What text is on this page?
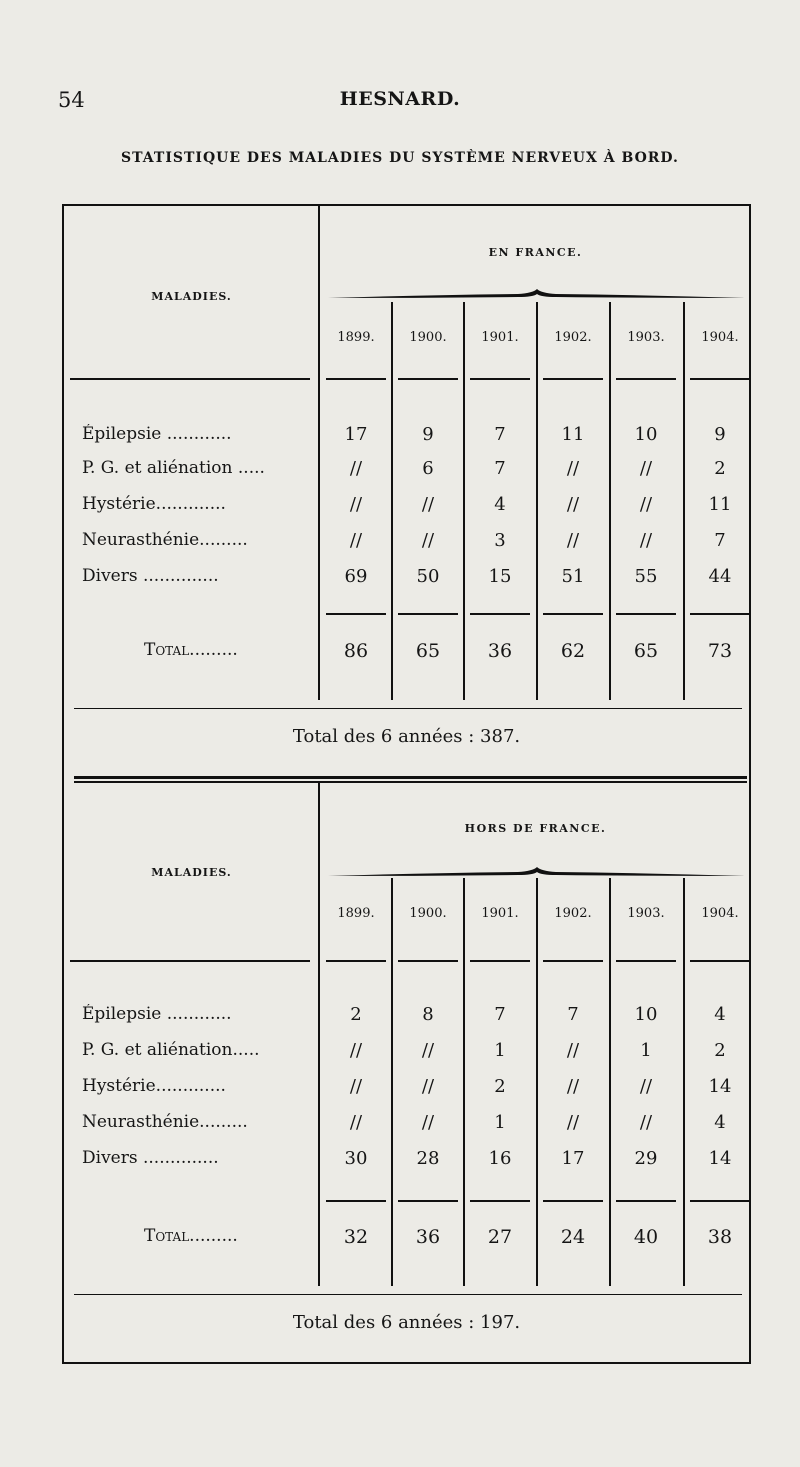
54	HESNARD.
STATISTIQUE DES MALADIES DU SYSTÈME NERVEUX À BORD.
MALADIES.
EN FRANCE.
1899.	1900.	1901.	1902.	1903.	1904.
Épilepsie ............	17	9	7	11	10	9
P. G. et aliénation .....	//	6	7	//	//	2
Hystérie.............	//	//	4	//	//	11
Neurasthénie.........	//	//	3	//	//	7
Divers ..............	69	50	15	51	55	44
Total.........	86	65	36	62	65	73
Total des 6 années : 387.
MALADIES.
HORS DE FRANCE.
1899.	1900.	1901.	1902.	1903.	1904.
Épilepsie ............	2	8	7	7	10	4
P. G. et aliénation.....	//	//	1	//	1	2
Hystérie.............	//	//	2	//	//	14
Neurasthénie.........	//	//	1	//	//	4
Divers ..............	30	28	16	17	29	14
Total.........	32	36	27	24	40	38
Total des 6 années : 197.
